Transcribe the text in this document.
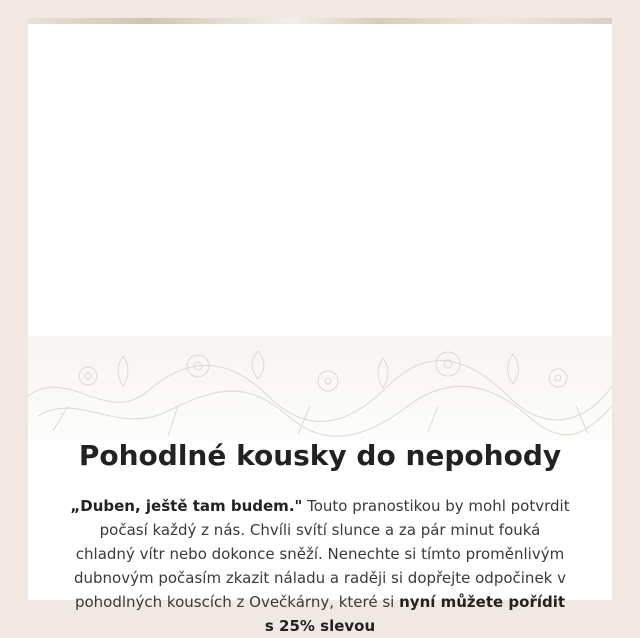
Pohodlné kousky do nepohody

„Duben, ještě tam budem." Touto pranostikou by mohl potvrdit počasí každý z nás. Chvíli svítí slunce a za pár minut fouká chladný vítr nebo dokonce sněží. Nenechte si tímto proměnlivým dubnovým počasím zkazit náladu a raději si dopřejte odpočinek v pohodlných kouscích z Ovečkárny, které si nyní můžete pořídit s 25% slevou
